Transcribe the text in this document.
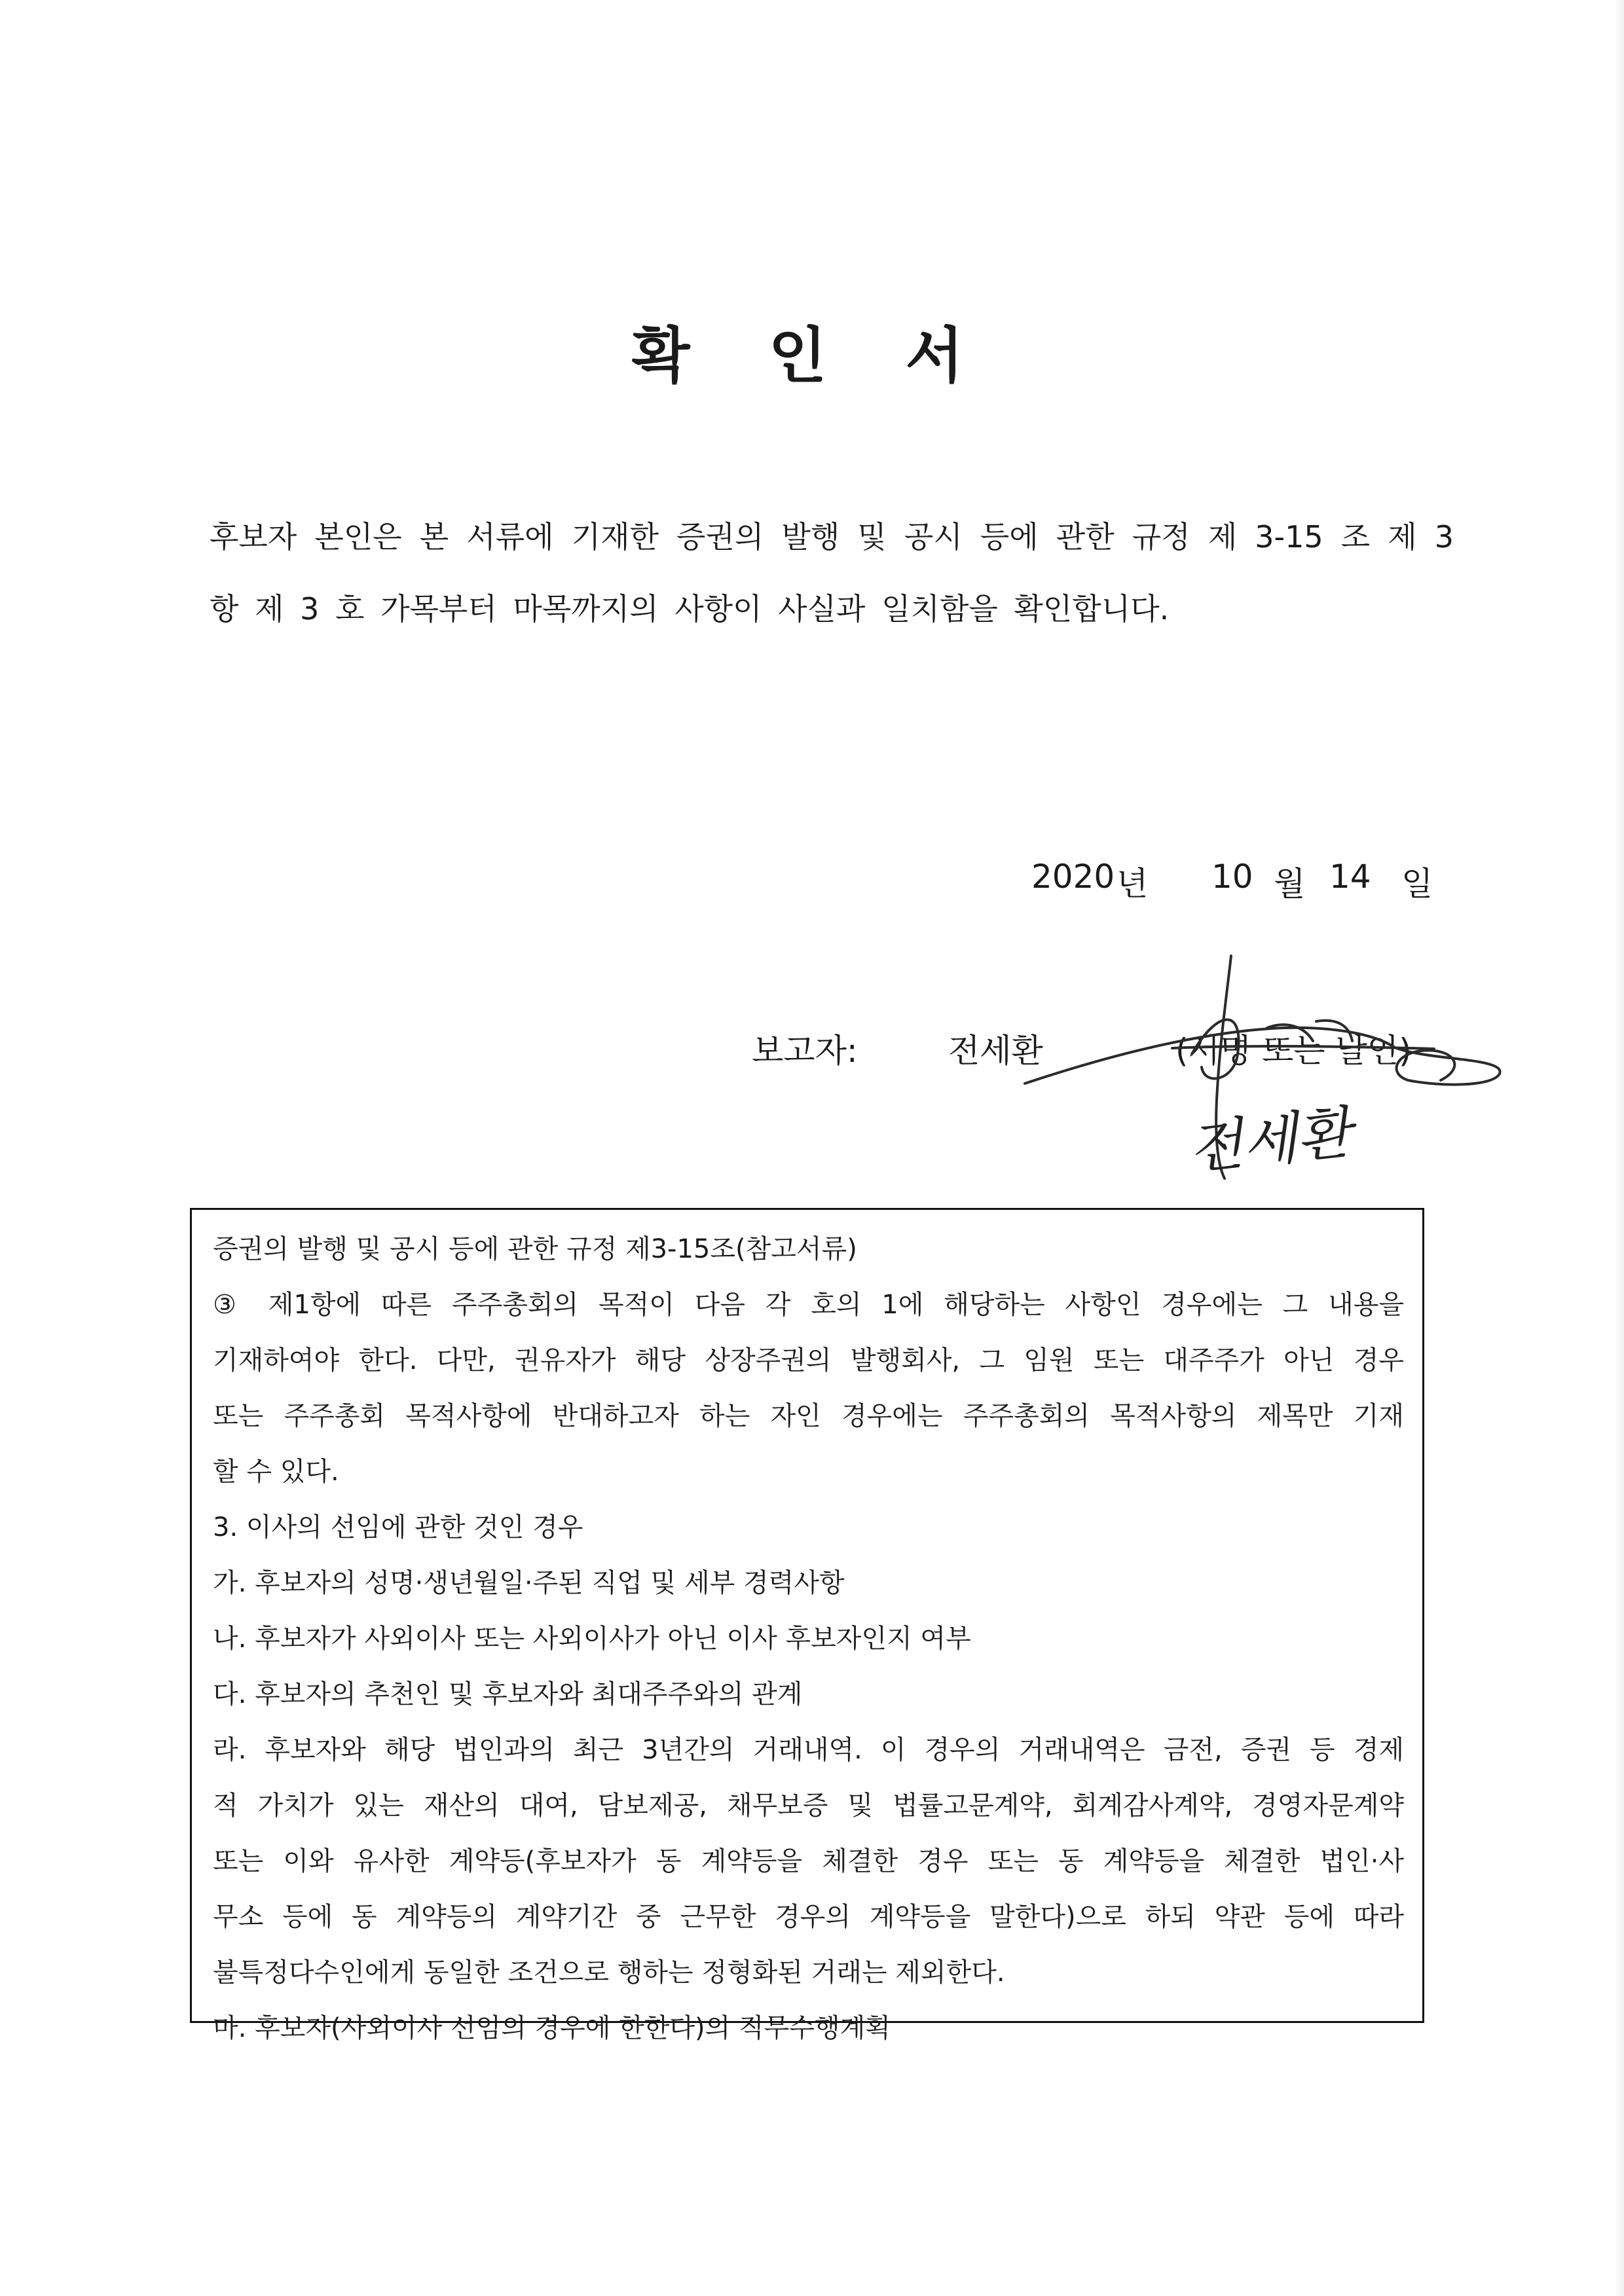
확 인 서
후보자 본인은 본 서류에 기재한 증권의 발행 및 공시 등에 관한 규정 제 3-15 조 제 3 항 제 3 호 가목부터 마목까지의 사항이 사실과 일치함을 확인합니다.
2020 년 10 월 14 일
보고자:	전세환	(서명 또는 날인)
전세환
증권의 발행 및 공시 등에 관한 규정 제3-15조(참고서류)
③ 제1항에 따른 주주총회의 목적이 다음 각 호의 1에 해당하는 사항인 경우에는 그 내용을
기재하여야 한다. 다만, 권유자가 해당 상장주권의 발행회사, 그 임원 또는 대주주가 아닌 경우
또는 주주총회 목적사항에 반대하고자 하는 자인 경우에는 주주총회의 목적사항의 제목만 기재
할 수 있다.
3. 이사의 선임에 관한 것인 경우
가. 후보자의 성명·생년월일·주된 직업 및 세부 경력사항
나. 후보자가 사외이사 또는 사외이사가 아닌 이사 후보자인지 여부
다. 후보자의 추천인 및 후보자와 최대주주와의 관계
라. 후보자와 해당 법인과의 최근 3년간의 거래내역. 이 경우의 거래내역은 금전, 증권 등 경제
적 가치가 있는 재산의 대여, 담보제공, 채무보증 및 법률고문계약, 회계감사계약, 경영자문계약
또는 이와 유사한 계약등(후보자가 동 계약등을 체결한 경우 또는 동 계약등을 체결한 법인·사
무소 등에 동 계약등의 계약기간 중 근무한 경우의 계약등을 말한다)으로 하되 약관 등에 따라
불특정다수인에게 동일한 조건으로 행하는 정형화된 거래는 제외한다.
마. 후보자(사외이사 선임의 경우에 한한다)의 직무수행계획
